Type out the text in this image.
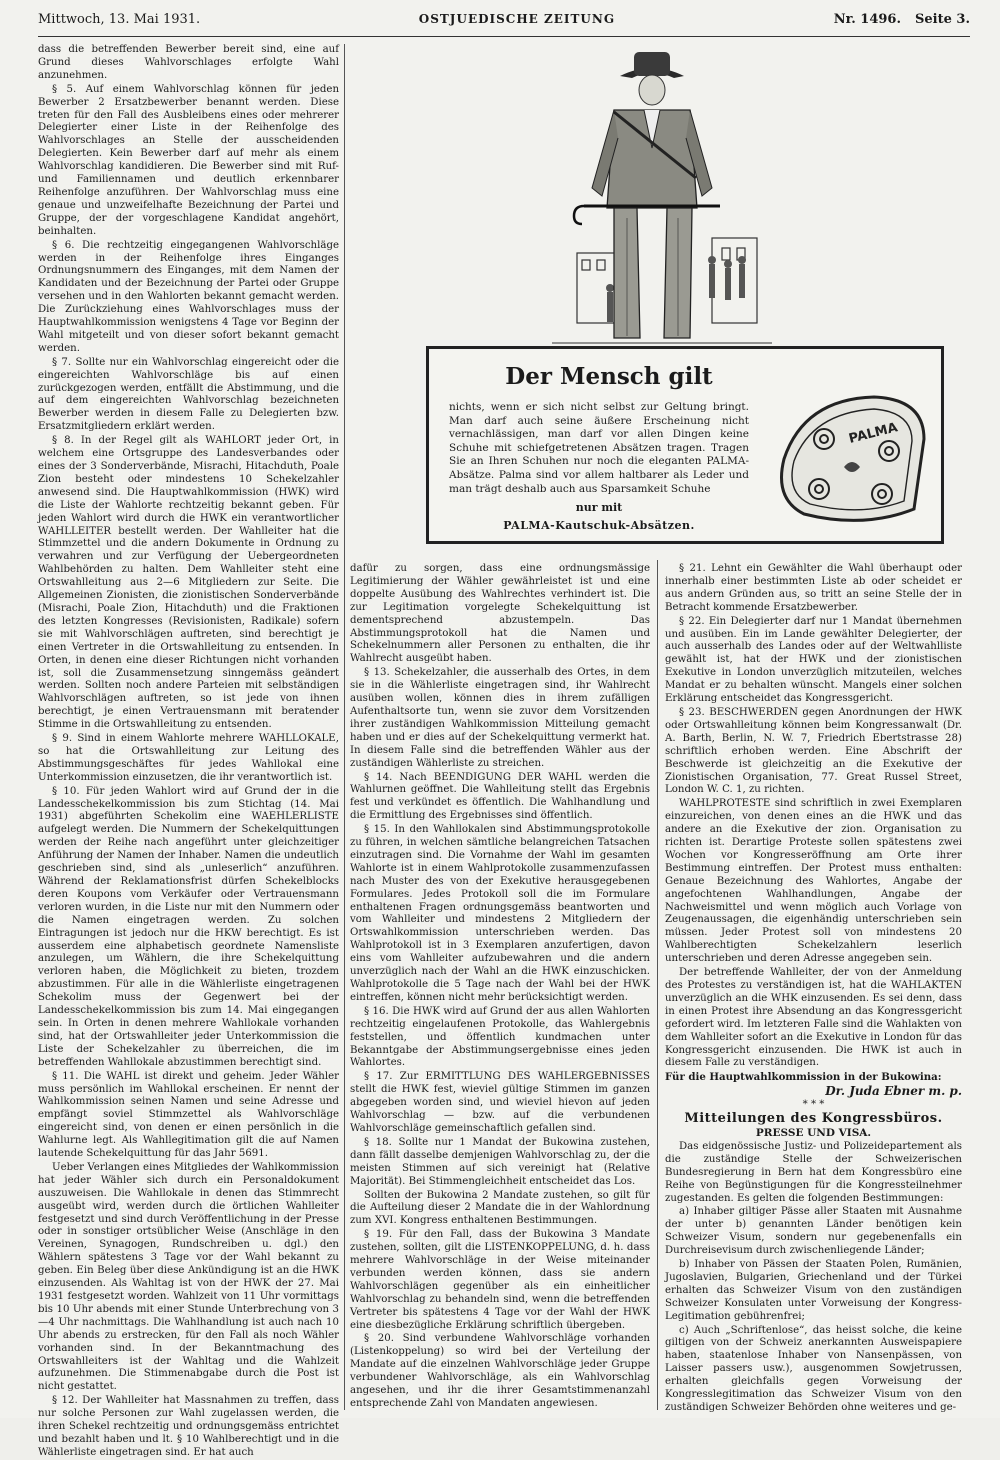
Mittwoch, 13. Mai 1931.	OSTJUEDISCHE ZEITUNG	Nr. 1496. Seite 3.

dass die betreffenden Bewerber bereit sind, eine auf Grund dieses Wahlvorschlages erfolgte Wahl anzunehmen.

§ 5. Auf einem Wahlvorschlag können für jeden Bewerber 2 Ersatzbewerber benannt werden. Diese treten für den Fall des Ausbleibens eines oder mehrerer Delegierter einer Liste in der Reihenfolge des Wahlvorschlages an Stelle der ausscheidenden Delegierten. Kein Bewerber darf auf mehr als einem Wahlvorschlag kandidieren. Die Bewerber sind mit Ruf- und Familiennamen und deutlich erkennbarer Reihenfolge anzuführen. Der Wahlvorschlag muss eine genaue und unzweifelhafte Bezeichnung der Partei und Gruppe, der der vorgeschlagene Kandidat angehört, beinhalten.

§ 6. Die rechtzeitig eingegangenen Wahlvorschläge werden in der Reihenfolge ihres Einganges Ordnungsnummern des Einganges, mit dem Namen der Kandidaten und der Bezeichnung der Partei oder Gruppe versehen und in den Wahlorten bekannt gemacht werden. Die Zurückziehung eines Wahlvorschlages muss der Hauptwahlkommission wenigstens 4 Tage vor Beginn der Wahl mitgeteilt und von dieser sofort bekannt gemacht werden.

§ 7. Sollte nur ein Wahlvorschlag eingereicht oder die eingereichten Wahlvorschläge bis auf einen zurückgezogen werden, entfällt die Abstimmung, und die auf dem eingereichten Wahlvorschlag bezeichneten Bewerber werden in diesem Falle zu Delegierten bzw. Ersatzmitgliedern erklärt werden.

§ 8. In der Regel gilt als WAHLORT jeder Ort, in welchem eine Ortsgruppe des Landesverbandes oder eines der 3 Sonderverbände, Misrachi, Hitachduth, Poale Zion besteht oder mindestens 10 Schekelzahler anwesend sind. Die Hauptwahlkommission (HWK) wird die Liste der Wahlorte rechtzeitig bekannt geben. Für jeden Wahlort wird durch die HWK ein verantwortlicher WAHLLEITER bestellt werden. Der Wahlleiter hat die Stimmzettel und die andern Dokumente in Ordnung zu verwahren und zur Verfügung der Uebergeordneten Wahlbehörden zu halten. Dem Wahlleiter steht eine Ortswahlleitung aus 2—6 Mitgliedern zur Seite. Die Allgemeinen Zionisten, die zionistischen Sonderverbände (Misrachi, Poale Zion, Hitachduth) und die Fraktionen des letzten Kongresses (Revisionisten, Radikale) sofern sie mit Wahlvorschlägen auftreten, sind berechtigt je einen Vertreter in die Ortswahlleitung zu entsenden. In Orten, in denen eine dieser Richtungen nicht vorhanden ist, soll die Zusammensetzung sinngemäss geändert werden. Sollten noch andere Parteien mit selbständigen Wahlvorschlägen auftreten, so ist jede von ihnen berechtigt, je einen Vertrauensmann mit beratender Stimme in die Ortswahlleitung zu entsenden.

§ 9. Sind in einem Wahlorte mehrere WAHLLOKALE, so hat die Ortswahlleitung zur Leitung des Abstimmungsgeschäftes für jedes Wahllokal eine Unterkommission einzusetzen, die ihr verantwortlich ist.

§ 10. Für jeden Wahlort wird auf Grund der in die Landesschekelkommission bis zum Stichtag (14. Mai 1931) abgeführten Schekolim eine WAEHLERLISTE aufgelegt werden. Die Nummern der Schekelquittungen werden der Reihe nach angeführt unter gleichzeitiger Anführung der Namen der Inhaber. Namen die undeutlich geschrieben sind, sind als „unleserlich“ anzuführen. Während der Reklamationsfrist dürfen Schekelblocks deren Koupons vom Verkäufer oder Vertrauensmann verloren wurden, in die Liste nur mit den Nummern oder die Namen eingetragen werden. Zu solchen Eintragungen ist jedoch nur die HKW berechtigt. Es ist ausserdem eine alphabetisch geordnete Namensliste anzulegen, um Wählern, die ihre Schekelquittung verloren haben, die Möglichkeit zu bieten, trozdem abzustimmen. Für alle in die Wählerliste eingetragenen Schekolim muss der Gegenwert bei der Landesschekelkommission bis zum 14. Mai eingegangen sein. In Orten in denen mehrere Wahllokale vorhanden sind, hat der Ortswahlleiter jeder Unterkommission die Liste der Schekelzahler zu überreichen, die im betreffenden Wahllokale abzustimmen berechtigt sind.

§ 11. Die WAHL ist direkt und geheim. Jeder Wähler muss persönlich im Wahllokal erscheinen. Er nennt der Wahlkommission seinen Namen und seine Adresse und empfängt soviel Stimmzettel als Wahlvorschläge eingereicht sind, von denen er einen persönlich in die Wahlurne legt. Als Wahllegitimation gilt die auf Namen lautende Schekelquittung für das Jahr 5691.

Ueber Verlangen eines Mitgliedes der Wahlkommission hat jeder Wähler sich durch ein Personaldokument auszuweisen. Die Wahllokale in denen das Stimmrecht ausgeübt wird, werden durch die örtlichen Wahlleiter festgesetzt und sind durch Veröffentlichung in der Presse oder in sonstiger ortsüblicher Weise (Anschläge in den Vereinen, Synagogen, Rundschreiben u. dgl.) den Wählern spätestens 3 Tage vor der Wahl bekannt zu geben. Ein Beleg über diese Ankündigung ist an die HWK einzusenden. Als Wahltag ist von der HWK der 27. Mai 1931 festgesetzt worden. Wahlzeit von 11 Uhr vormittags bis 10 Uhr abends mit einer Stunde Unterbrechung von 3—4 Uhr nachmittags. Die Wahlhandlung ist auch nach 10 Uhr abends zu erstrecken, für den Fall als noch Wähler vorhanden sind. In der Bekanntmachung des Ortswahlleiters ist der Wahltag und die Wahlzeit aufzunehmen. Die Stimmenabgabe durch die Post ist nicht gestattet.

§ 12. Der Wahlleiter hat Massnahmen zu treffen, dass nur solche Personen zur Wahl zugelassen werden, die ihren Schekel rechtzeitig und ordnungsgemäss entrichtet und bezahlt haben und lt. § 10 Wahlberechtigt und in die Wählerliste eingetragen sind. Er hat auch

Der Mensch gilt
nichts, wenn er sich nicht selbst zur Geltung bringt. Man darf auch seine äußere Erscheinung nicht vernachlässigen, man darf vor allen Dingen keine Schuhe mit schiefgetretenen Absätzen tragen. Tragen Sie an Ihren Schuhen nur noch die eleganten PALMA-Absätze. Palma sind vor allem haltbarer als Leder und man trägt deshalb auch aus Sparsamkeit Schuhe
nur mit
PALMA-Kautschuk-Absätzen.
PALMA

dafür zu sorgen, dass eine ordnungsmässige Legitimierung der Wähler gewährleistet ist und eine doppelte Ausübung des Wahlrechtes verhindert ist. Die zur Legitimation vorgelegte Schekelquittung ist dementsprechend abzustempeln. Das Abstimmungsprotokoll hat die Namen und Schekelnummern aller Personen zu enthalten, die ihr Wahlrecht ausgeübt haben.

§ 13. Schekelzahler, die ausserhalb des Ortes, in dem sie in die Wählerliste eingetragen sind, ihr Wahlrecht ausüben wollen, können dies in ihrem zufälligen Aufenthaltsorte tun, wenn sie zuvor dem Vorsitzenden ihrer zuständigen Wahlkommission Mitteilung gemacht haben und er dies auf der Schekelquittung vermerkt hat. In diesem Falle sind die betreffenden Wähler aus der zuständigen Wählerliste zu streichen.

§ 14. Nach BEENDIGUNG DER WAHL werden die Wahlurnen geöffnet. Die Wahlleitung stellt das Ergebnis fest und verkündet es öffentlich. Die Wahlhandlung und die Ermittlung des Ergebnisses sind öffentlich.

§ 15. In den Wahllokalen sind Abstimmungsprotokolle zu führen, in welchen sämtliche belangreichen Tatsachen einzutragen sind. Die Vornahme der Wahl im gesamten Wahlorte ist in einem Wahlprotokolle zusammenzufassen nach Muster des von der Exekutive herausgegebenen Formulares. Jedes Protokoll soll die im Formulare enthaltenen Fragen ordnungsgemäss beantworten und vom Wahlleiter und mindestens 2 Mitgliedern der Ortswahlkommission unterschrieben werden. Das Wahlprotokoll ist in 3 Exemplaren anzufertigen, davon eins vom Wahlleiter aufzubewahren und die andern unverzüglich nach der Wahl an die HWK einzuschicken. Wahlprotokolle die 5 Tage nach der Wahl bei der HWK eintreffen, können nicht mehr berücksichtigt werden.

§ 16. Die HWK wird auf Grund der aus allen Wahlorten rechtzeitig eingelaufenen Protokolle, das Wahlergebnis feststellen, und öffentlich kundmachen unter Bekanntgabe der Abstimmungsergebnisse eines jeden Wahlortes.

§ 17. Zur ERMITTLUNG DES WAHLERGEBNISSES stellt die HWK fest, wieviel gültige Stimmen im ganzen abgegeben worden sind, und wieviel hievon auf jeden Wahlvorschlag — bzw. auf die verbundenen Wahlvorschläge gemeinschaftlich gefallen sind.

§ 18. Sollte nur 1 Mandat der Bukowina zustehen, dann fällt dasselbe demjenigen Wahlvorschlag zu, der die meisten Stimmen auf sich vereinigt hat (Relative Majorität). Bei Stimmengleichheit entscheidet das Los.

Sollten der Bukowina 2 Mandate zustehen, so gilt für die Aufteilung dieser 2 Mandate die in der Wahlordnung zum XVI. Kongress enthaltenen Bestimmungen.

§ 19. Für den Fall, dass der Bukowina 3 Mandate zustehen, sollten, gilt die LISTENKOPPELUNG, d. h. dass mehrere Wahlvorschläge in der Weise miteinander verbunden werden können, dass sie andern Wahlvorschlägen gegenüber als ein einheitlicher Wahlvorschlag zu behandeln sind, wenn die betreffenden Vertreter bis spätestens 4 Tage vor der Wahl der HWK eine diesbezügliche Erklärung schriftlich übergeben.

§ 20. Sind verbundene Wahlvorschläge vorhanden (Listenkoppelung) so wird bei der Verteilung der Mandate auf die einzelnen Wahlvorschläge jeder Gruppe verbundener Wahlvorschläge, als ein Wahlvorschlag angesehen, und ihr die ihrer Gesamtstimmenanzahl entsprechende Zahl von Mandaten angewiesen.

§ 21. Lehnt ein Gewählter die Wahl überhaupt oder innerhalb einer bestimmten Liste ab oder scheidet er aus andern Gründen aus, so tritt an seine Stelle der in Betracht kommende Ersatzbewerber.

§ 22. Ein Delegierter darf nur 1 Mandat übernehmen und ausüben. Ein im Lande gewählter Delegierter, der auch ausserhalb des Landes oder auf der Weltwahlliste gewählt ist, hat der HWK und der zionistischen Exekutive in London unverzüglich mitzuteilen, welches Mandat er zu behalten wünscht. Mangels einer solchen Erklärung entscheidet das Kongressgericht.

§ 23. BESCHWERDEN gegen Anordnungen der HWK oder Ortswahlleitung können beim Kongressanwalt (Dr. A. Barth, Berlin, N. W. 7, Friedrich Ebertstrasse 28) schriftlich erhoben werden. Eine Abschrift der Beschwerde ist gleichzeitig an die Exekutive der Zionistischen Organisation, 77. Great Russel Street, London W. C. 1, zu richten.

WAHLPROTESTE sind schriftlich in zwei Exemplaren einzureichen, von denen eines an die HWK und das andere an die Exekutive der zion. Organisation zu richten ist. Derartige Proteste sollen spätestens zwei Wochen vor Kongresseröffnung am Orte ihrer Bestimmung eintreffen. Der Protest muss enthalten: Genaue Bezeichnung des Wahlortes, Angabe der angefochtenen Wahlhandlungen, Angabe der Nachweismittel und wenn möglich auch Vorlage von Zeugenaussagen, die eigenhändig unterschrieben sein müssen. Jeder Protest soll von mindestens 20 Wahlberechtigten Schekelzahlern leserlich unterschrieben und deren Adresse angegeben sein.

Der betreffende Wahlleiter, der von der Anmeldung des Protestes zu verständigen ist, hat die WAHLAKTEN unverzüglich an die WHK einzusenden. Es sei denn, dass in einen Protest ihre Absendung an das Kongressgericht gefordert wird. Im letzteren Falle sind die Wahlakten von dem Wahlleiter sofort an die Exekutive in London für das Kongressgericht einzusenden. Die HWK ist auch in diesem Falle zu verständigen.

Für die Hauptwahlkommission in der Bukowina:

Dr. Juda Ebner m. p.

* * *

Mitteilungen des Kongressbüros.

PRESSE UND VISA.

Das eidgenössische Justiz- und Polizeidepartement als die zuständige Stelle der Schweizerischen Bundesregierung in Bern hat dem Kongressbüro eine Reihe von Begünstigungen für die Kongressteilnehmer zugestanden. Es gelten die folgenden Bestimmungen:

a) Inhaber giltiger Pässe aller Staaten mit Ausnahme der unter b) genannten Länder benötigen kein Schweizer Visum, sondern nur gegebenenfalls ein Durchreisevisum durch zwischenliegende Länder;

b) Inhaber von Pässen der Staaten Polen, Rumänien, Jugoslavien, Bulgarien, Griechenland und der Türkei erhalten das Schweizer Visum von den zuständigen Schweizer Konsulaten unter Vorweisung der Kongress-Legitimation gebührenfrei;

c) Auch „Schriftenlose“, das heisst solche, die keine giltigen von der Schweiz anerkannten Ausweispapiere haben, staatenlose Inhaber von Nansenpässen, von Laisser passers usw.), ausgenommen Sowjetrussen, erhalten gleichfalls gegen Vorweisung der Kongresslegitimation das Schweizer Visum von den zuständigen Schweizer Behörden ohne weiteres und ge-
